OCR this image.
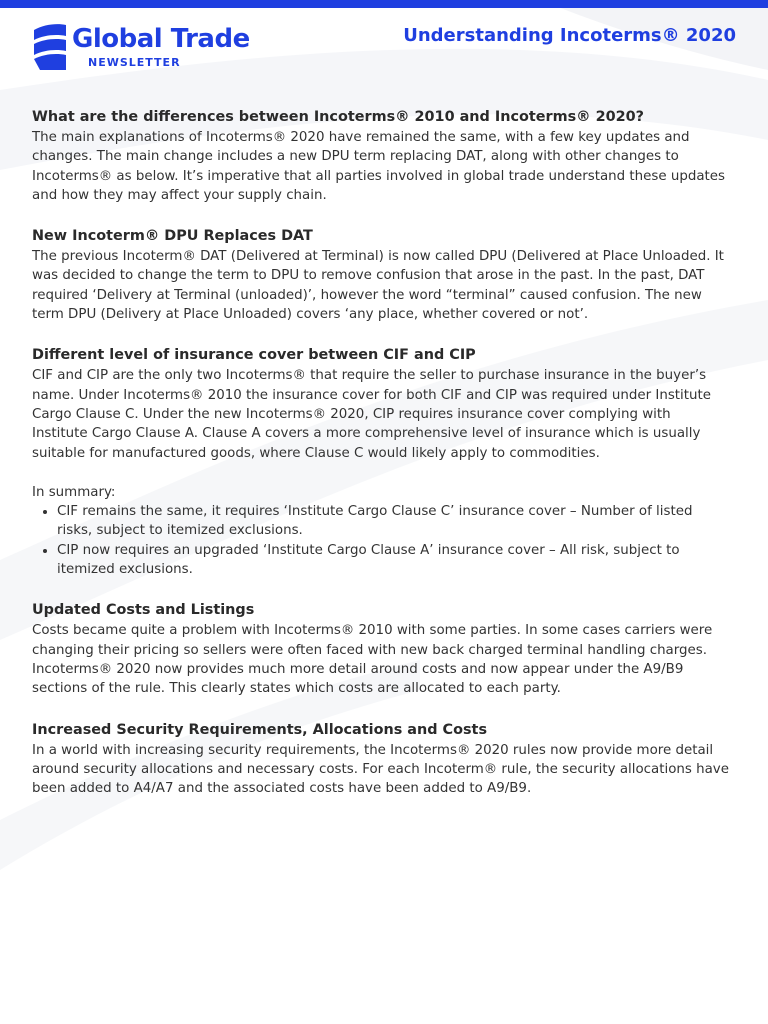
Global Trade
NEWSLETTER
Understanding Incoterms® 2020
What are the differences between Incoterms® 2010 and Incoterms® 2020?

The main explanations of Incoterms® 2020 have remained the same, with a few key updates and changes. The main change includes a new DPU term replacing DAT, along with other changes to Incoterms® as below. It’s imperative that all parties involved in global trade understand these updates and how they may affect your supply chain.

New Incoterm® DPU Replaces DAT

The previous Incoterm® DAT (Delivered at Terminal) is now called DPU (Delivered at Place Unloaded. It was decided to change the term to DPU to remove confusion that arose in the past. In the past, DAT required ‘Delivery at Terminal (unloaded)’, however the word “terminal” caused confusion. The new term DPU (Delivery at Place Unloaded) covers ‘any place, whether covered or not’.

Different level of insurance cover between CIF and CIP

CIF and CIP are the only two Incoterms® that require the seller to purchase insurance in the buyer’s name. Under Incoterms® 2010 the insurance cover for both CIF and CIP was required under Institute Cargo Clause C. Under the new Incoterms® 2020, CIP requires insurance cover complying with Institute Cargo Clause A. Clause A covers a more comprehensive level of insurance which is usually suitable for manufactured goods, where Clause C would likely apply to commodities.

In summary:

• CIF remains the same, it requires ‘Institute Cargo Clause C’ insurance cover – Number of listed risks, subject to itemized exclusions.
• CIP now requires an upgraded ‘Institute Cargo Clause A’ insurance cover – All risk, subject to itemized exclusions.
Updated Costs and Listings

Costs became quite a problem with Incoterms® 2010 with some parties. In some cases carriers were changing their pricing so sellers were often faced with new back charged terminal handling charges. Incoterms® 2020 now provides much more detail around costs and now appear under the A9/B9 sections of the rule. This clearly states which costs are allocated to each party.

Increased Security Requirements, Allocations and Costs

In a world with increasing security requirements, the Incoterms® 2020 rules now provide more detail around security allocations and necessary costs. For each Incoterm® rule, the security allocations have been added to A4/A7 and the associated costs have been added to A9/B9.
